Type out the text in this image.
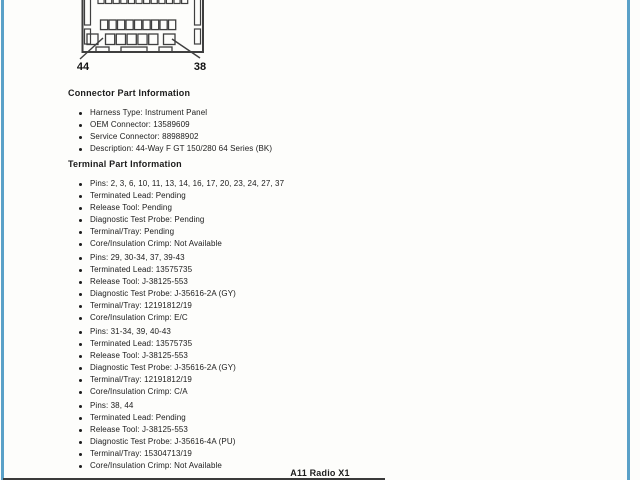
44	38
Connector Part Information
Harness Type: Instrument Panel
OEM Connector: 13589609
Service Connector: 88988902
Description: 44-Way F GT 150/280 64 Series (BK)
Terminal Part Information
Pins: 2, 3, 6, 10, 11, 13, 14, 16, 17, 20, 23, 24, 27, 37
Terminated Lead: Pending
Release Tool: Pending
Diagnostic Test Probe: Pending
Terminal/Tray: Pending
Core/Insulation Crimp: Not Available
Pins: 29, 30-34, 37, 39-43
Terminated Lead: 13575735
Release Tool: J-38125-553
Diagnostic Test Probe: J-35616-2A (GY)
Terminal/Tray: 12191812/19
Core/Insulation Crimp: E/C
Pins: 31-34, 39, 40-43
Terminated Lead: 13575735
Release Tool: J-38125-553
Diagnostic Test Probe: J-35616-2A (GY)
Terminal/Tray: 12191812/19
Core/Insulation Crimp: C/A
Pins: 38, 44
Terminated Lead: Pending
Release Tool: J-38125-553
Diagnostic Test Probe: J-35616-4A (PU)
Terminal/Tray: 15304713/19
Core/Insulation Crimp: Not Available
A11 Radio X1
